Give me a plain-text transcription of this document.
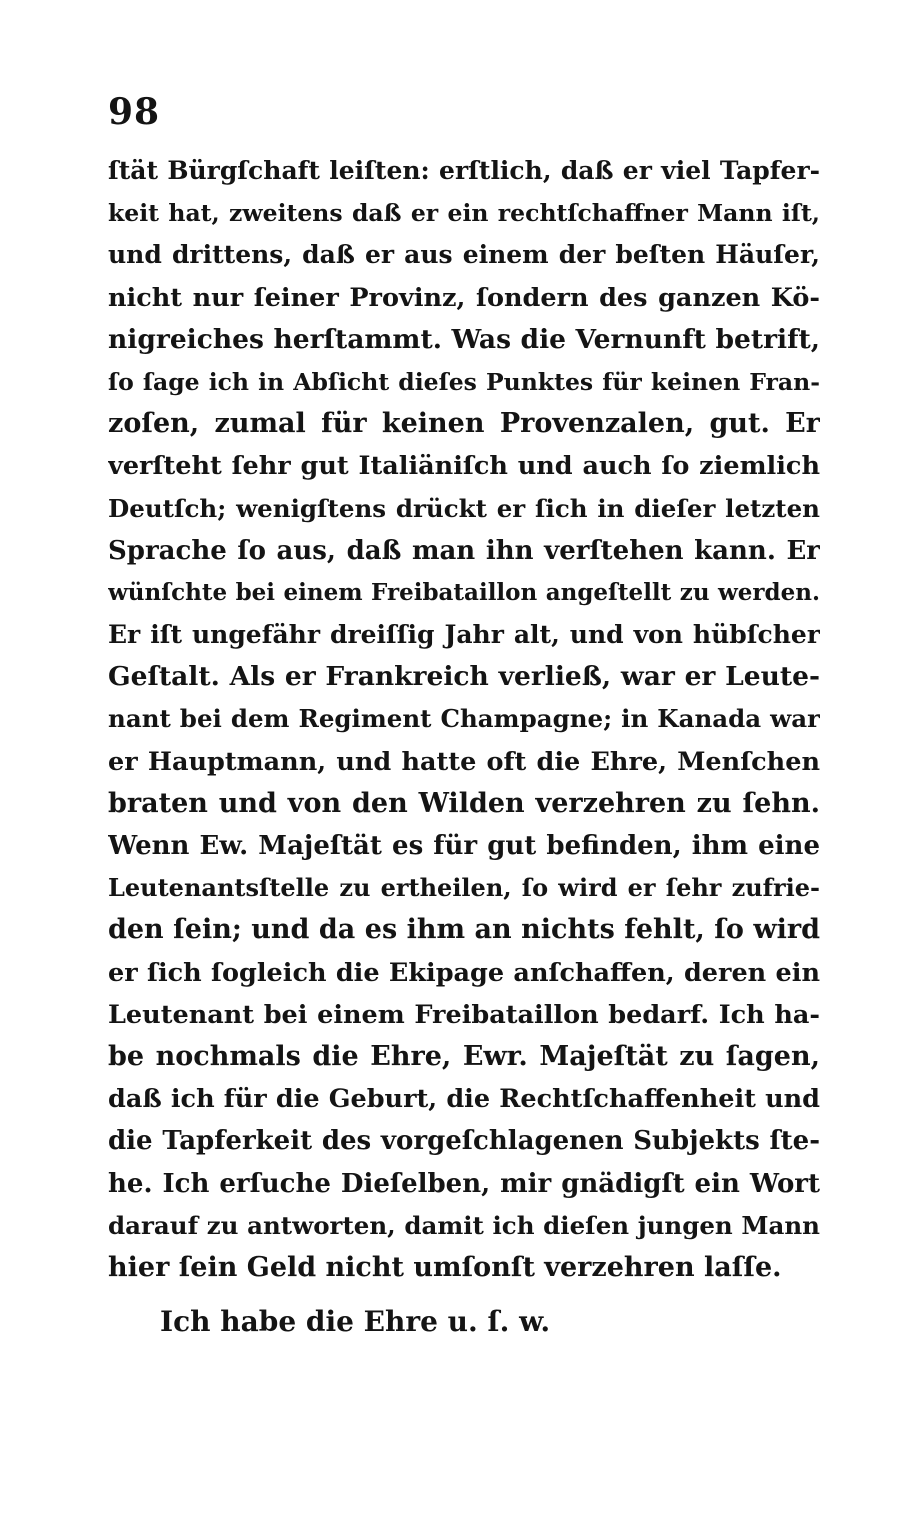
98
ſtät Bürgſchaft leiſten: erſtlich, daß er viel Tapfer-
keit hat, zweitens daß er ein rechtſchaffner Mann iſt,
und drittens, daß er aus einem der beſten Häuſer,
nicht nur ſeiner Provinz, ſondern des ganzen Kö-
nigreiches herſtammt. Was die Vernunft betrift,
ſo ſage ich in Abſicht dieſes Punktes für keinen Fran-
zoſen, zumal für keinen Provenzalen, gut. Er
verſteht ſehr gut Italiäniſch und auch ſo ziemlich
Deutſch; wenigſtens drückt er ſich in dieſer letzten
Sprache ſo aus, daß man ihn verſtehen kann. Er
wünſchte bei einem Freibataillon angeſtellt zu werden.
Er iſt ungefähr dreiſſig Jahr alt, und von hübſcher
Geſtalt. Als er Frankreich verließ, war er Leute-
nant bei dem Regiment Champagne; in Kanada war
er Hauptmann, und hatte oft die Ehre, Menſchen
braten und von den Wilden verzehren zu ſehn.
Wenn Ew. Majeſtät es für gut befinden, ihm eine
Leutenantsſtelle zu ertheilen, ſo wird er ſehr zufrie-
den ſein; und da es ihm an nichts fehlt, ſo wird
er ſich ſogleich die Ekipage anſchaffen, deren ein
Leutenant bei einem Freibataillon bedarf. Ich ha-
be nochmals die Ehre, Ewr. Majeſtät zu ſagen,
daß ich für die Geburt, die Rechtſchaffenheit und
die Tapferkeit des vorgeſchlagenen Subjekts ſte-
he. Ich erſuche Dieſelben, mir gnädigſt ein Wort
darauf zu antworten, damit ich dieſen jungen Mann
hier ſein Geld nicht umſonſt verzehren laſſe.
Ich habe die Ehre u. ſ. w.
